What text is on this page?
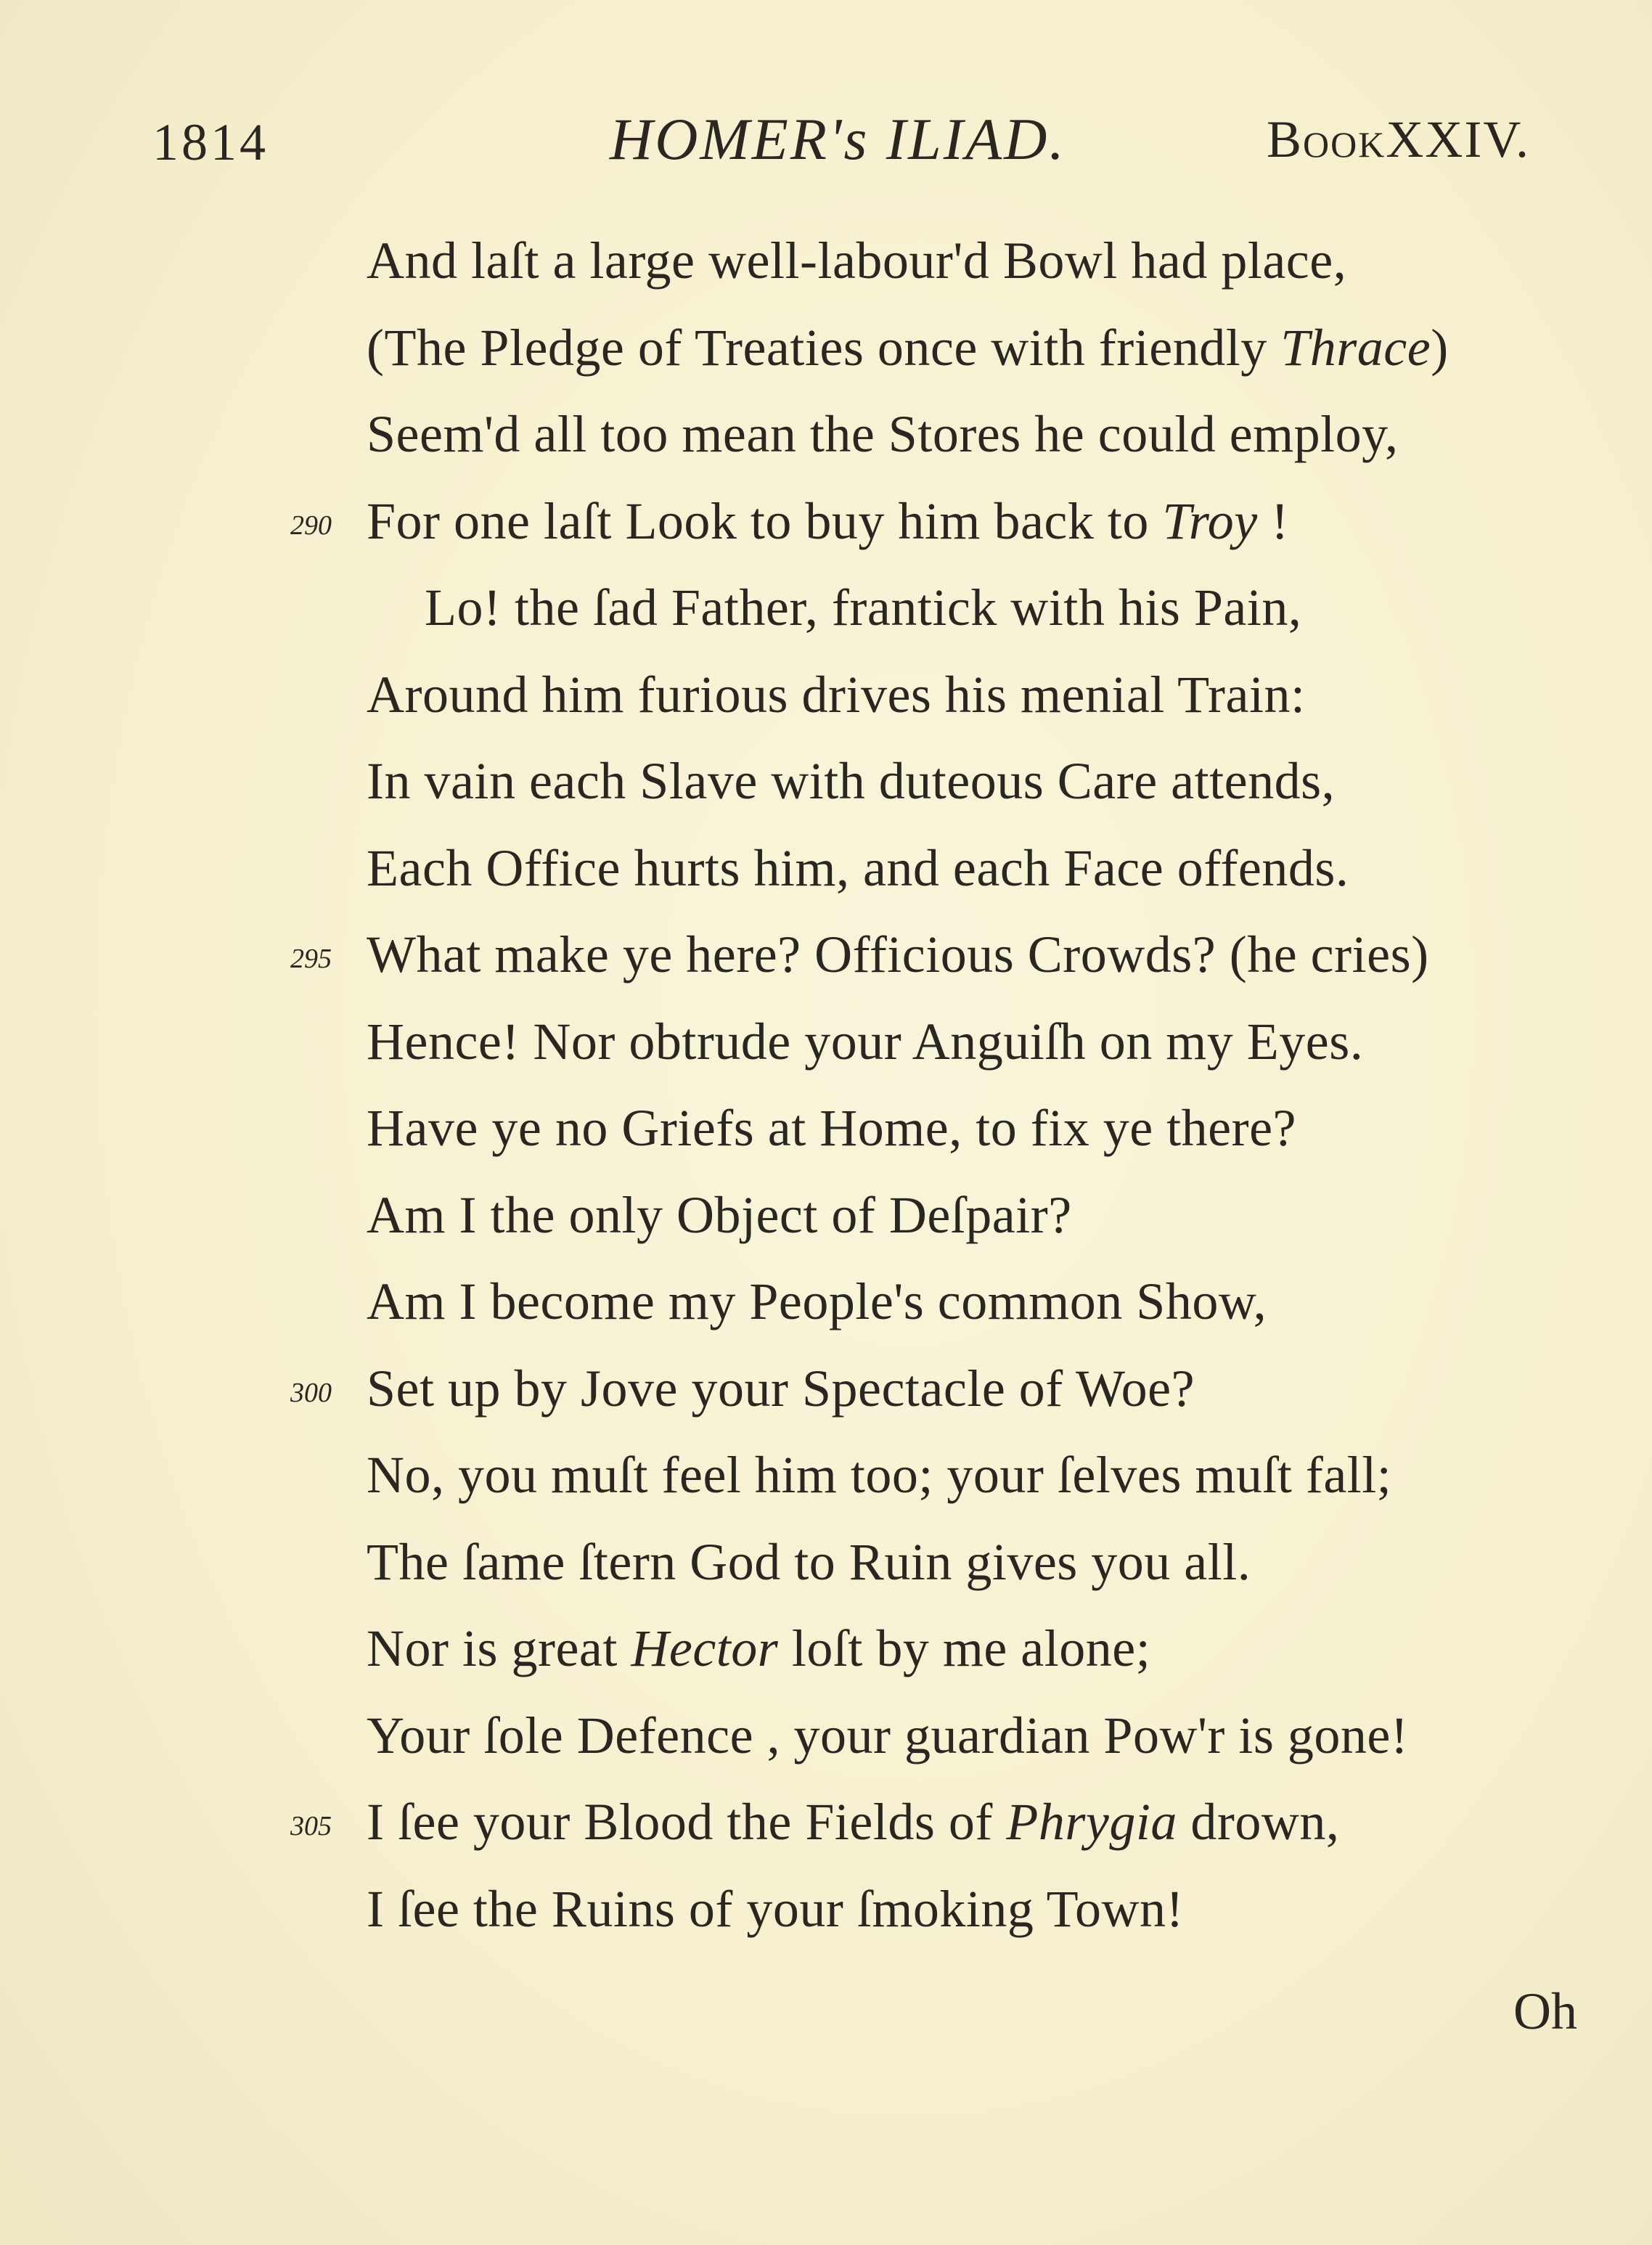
1814	HOMER's ILIAD.	BookXXIV.
And laſt a large well-labour'd Bowl had place,
(The Pledge of Treaties once with friendly Thrace)
Seem'd all too mean the Stores he could employ,
290 For one laſt Look to buy him back to Troy !
Lo! the ſad Father, frantick with his Pain,
Around him furious drives his menial Train:
In vain each Slave with duteous Care attends,
Each Office hurts him, and each Face offends.
295 What make ye here? Officious Crowds? (he cries)
Hence! Nor obtrude your Anguiſh on my Eyes.
Have ye no Griefs at Home, to fix ye there?
Am I the only Object of Deſpair?
Am I become my People's common Show,
300 Set up by Jove your Spectacle of Woe?
No, you muſt feel him too; your ſelves muſt fall;
The ſame ſtern God to Ruin gives you all.
Nor is great Hector loſt by me alone;
Your ſole Defence , your guardian Pow'r is gone!
305 I ſee your Blood the Fields of Phrygia drown,
I ſee the Ruins of your ſmoking Town!
Oh
